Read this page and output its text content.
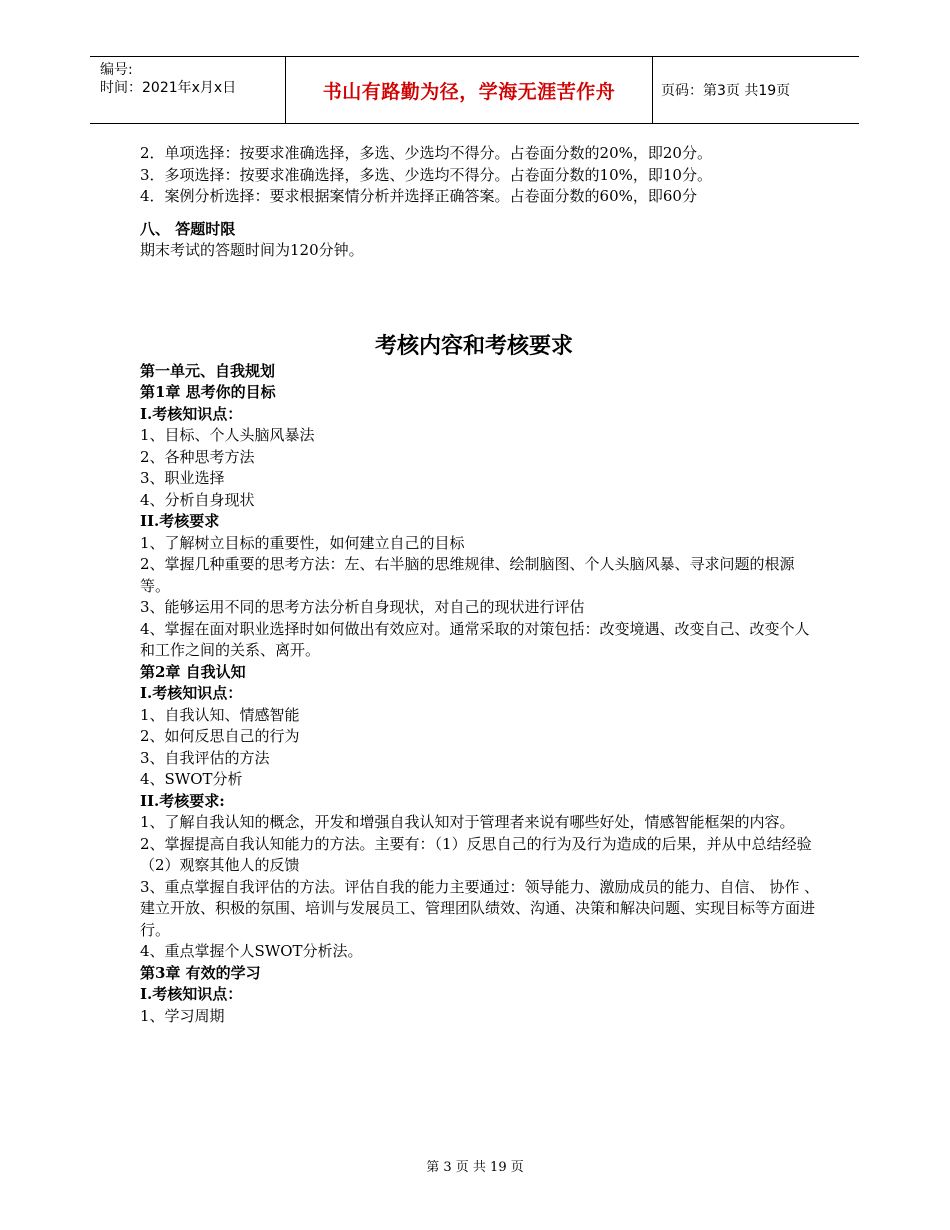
编号:
时间：2021年x月x日	书山有路勤为径，学海无涯苦作舟	页码：第3页 共19页

2．单项选择：按要求准确选择，多选、少选均不得分。占卷面分数的20%，即20分。

3．多项选择：按要求准确选择，多选、少选均不得分。占卷面分数的10%，即10分。

4．案例分析选择：要求根据案情分析并选择正确答案。占卷面分数的60%，即60分

八、 答题时限

期末考试的答题时间为120分钟。

考核内容和考核要求

第一单元、自我规划

第1章 思考你的目标

I.考核知识点：

1、目标、个人头脑风暴法

2、各种思考方法

3、职业选择

4、分析自身现状

II.考核要求

1、了解树立目标的重要性，如何建立自己的目标

2、掌握几种重要的思考方法：左、右半脑的思维规律、绘制脑图、个人头脑风暴、寻求问题的根源等。

3、能够运用不同的思考方法分析自身现状，对自己的现状进行评估

4、掌握在面对职业选择时如何做出有效应对。通常采取的对策包括：改变境遇、改变自己、改变个人和工作之间的关系、离开。

第2章 自我认知

I.考核知识点：

1、自我认知、情感智能

2、如何反思自己的行为

3、自我评估的方法

4、SWOT分析

II.考核要求:

1、了解自我认知的概念，开发和增强自我认知对于管理者来说有哪些好处，情感智能框架的内容。

2、掌握提高自我认知能力的方法。主要有：（1）反思自己的行为及行为造成的后果，并从中总结经验（2）观察其他人的反馈

3、重点掌握自我评估的方法。评估自我的能力主要通过：领导能力、激励成员的能力、自信、 协作 、建立开放、积极的氛围、培训与发展员工、管理团队绩效、沟通、决策和解决问题、实现目标等方面进行。

4、重点掌握个人SWOT分析法。

第3章 有效的学习

I.考核知识点：

1、学习周期

第 3 页 共 19 页
